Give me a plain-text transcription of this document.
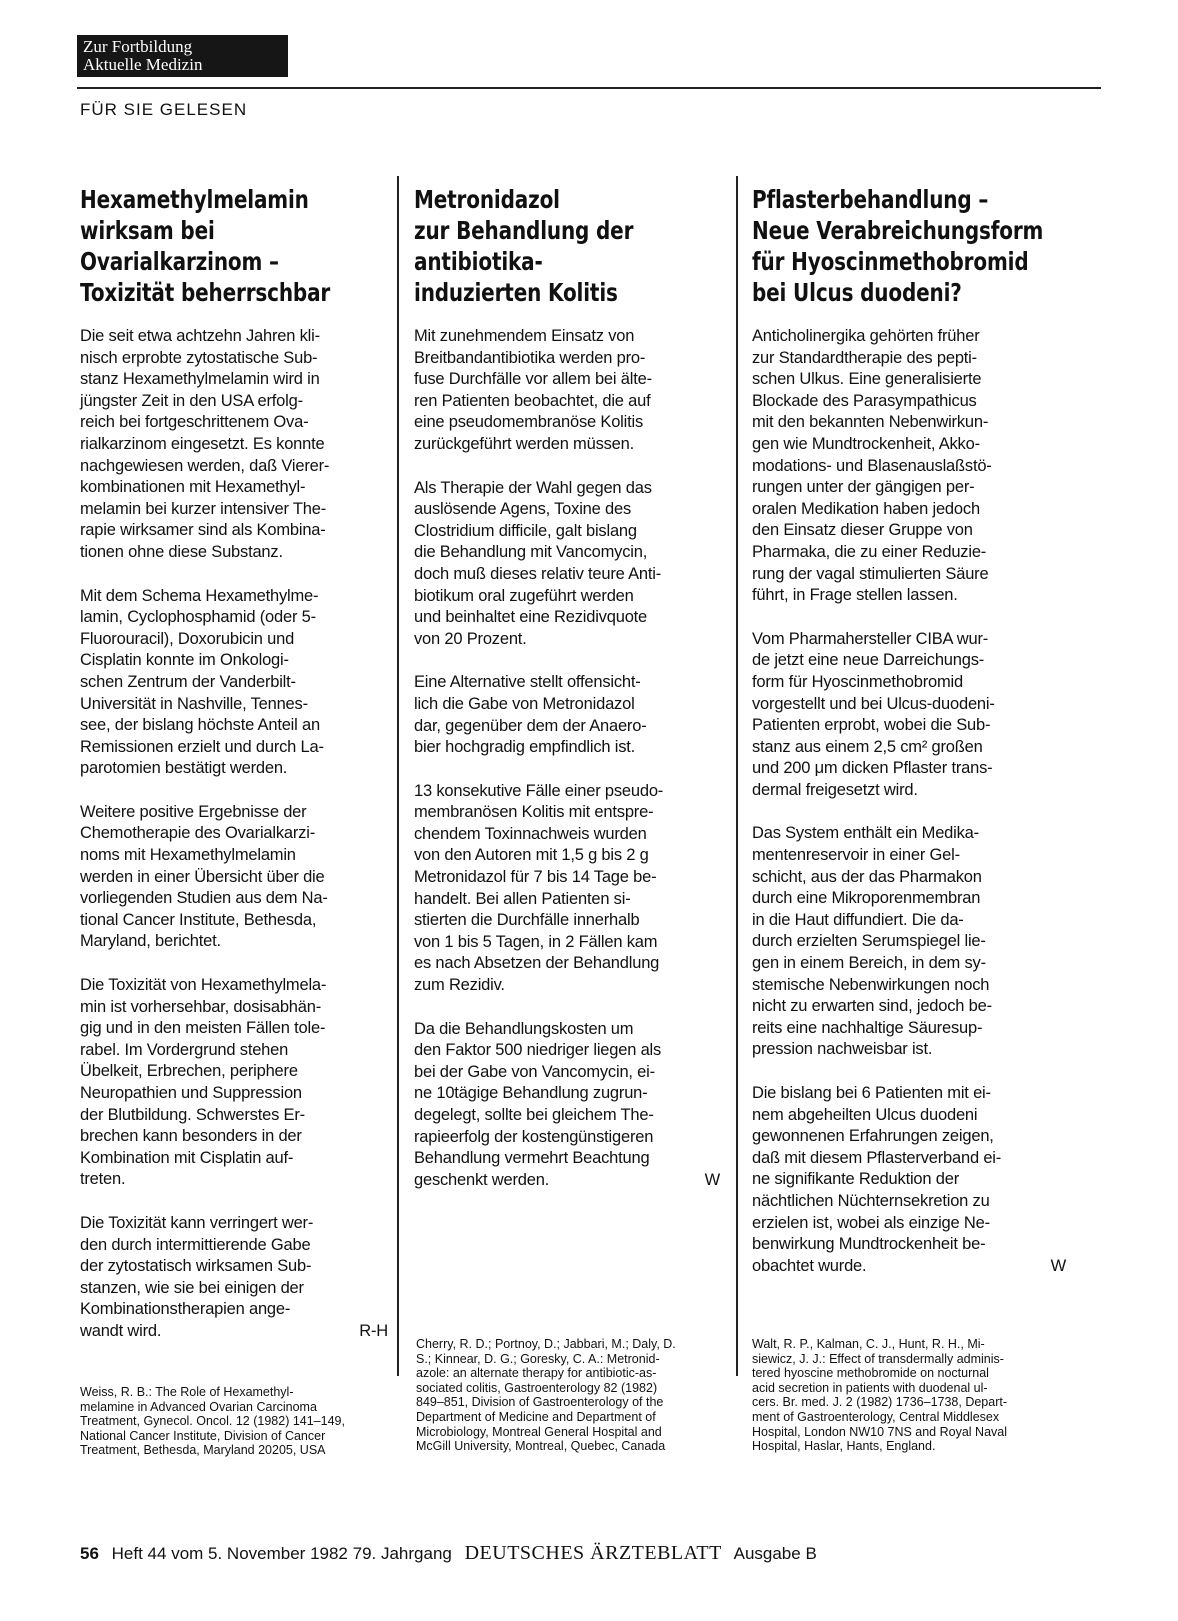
Zur Fortbildung
Aktuelle Medizin
FÜR SIE GELESEN
Hexamethylmelamin
wirksam bei
Ovarialkarzinom –
Toxizität beherrschbar

Die seit etwa achtzehn Jahren kli-
nisch erprobte zytostatische Sub-
stanz Hexamethylmelamin wird in
jüngster Zeit in den USA erfolg-
reich bei fortgeschrittenem Ova-
rialkarzinom eingesetzt. Es konnte
nachgewiesen werden, daß Vierer-
kombinationen mit Hexamethyl-
melamin bei kurzer intensiver The-
rapie wirksamer sind als Kombina-
tionen ohne diese Substanz.

Mit dem Schema Hexamethylme-
lamin, Cyclophosphamid (oder 5-
Fluorouracil), Doxorubicin und
Cisplatin konnte im Onkologi-
schen Zentrum der Vanderbilt-
Universität in Nashville, Tennes-
see, der bislang höchste Anteil an
Remissionen erzielt und durch La-
parotomien bestätigt werden.

Weitere positive Ergebnisse der
Chemotherapie des Ovarialkarzi-
noms mit Hexamethylmelamin
werden in einer Übersicht über die
vorliegenden Studien aus dem Na-
tional Cancer Institute, Bethesda,
Maryland, berichtet.

Die Toxizität von Hexamethylmela-
min ist vorhersehbar, dosisabhän-
gig und in den meisten Fällen tole-
rabel. Im Vordergrund stehen
Übelkeit, Erbrechen, periphere
Neuropathien und Suppression
der Blutbildung. Schwerstes Er-
brechen kann besonders in der
Kombination mit Cisplatin auf-
treten.

Die Toxizität kann verringert wer-
den durch intermittierende Gabe
der zytostatisch wirksamen Sub-
stanzen, wie sie bei einigen der
Kombinationstherapien ange-
wandt wird.	R-H
Weiss, R. B.: The Role of Hexamethyl-
melamine in Advanced Ovarian Carcinoma
Treatment, Gynecol. Oncol. 12 (1982) 141–149,
National Cancer Institute, Division of Cancer
Treatment, Bethesda, Maryland 20205, USA
Metronidazol
zur Behandlung der
antibiotika-
induzierten Kolitis

Mit zunehmendem Einsatz von
Breitbandantibiotika werden pro-
fuse Durchfälle vor allem bei älte-
ren Patienten beobachtet, die auf
eine pseudomembranöse Kolitis
zurückgeführt werden müssen.

Als Therapie der Wahl gegen das
auslösende Agens, Toxine des
Clostridium difficile, galt bislang
die Behandlung mit Vancomycin,
doch muß dieses relativ teure Anti-
biotikum oral zugeführt werden
und beinhaltet eine Rezidivquote
von 20 Prozent.

Eine Alternative stellt offensicht-
lich die Gabe von Metronidazol
dar, gegenüber dem der Anaero-
bier hochgradig empfindlich ist.

13 konsekutive Fälle einer pseudo-
membranösen Kolitis mit entspre-
chendem Toxinnachweis wurden
von den Autoren mit 1,5 g bis 2 g
Metronidazol für 7 bis 14 Tage be-
handelt. Bei allen Patienten si-
stierten die Durchfälle innerhalb
von 1 bis 5 Tagen, in 2 Fällen kam
es nach Absetzen der Behandlung
zum Rezidiv.

Da die Behandlungskosten um
den Faktor 500 niedriger liegen als
bei der Gabe von Vancomycin, ei-
ne 10tägige Behandlung zugrun-
degelegt, sollte bei gleichem The-
rapieerfolg der kostengünstigeren
Behandlung vermehrt Beachtung
geschenkt werden.	W
Cherry, R. D.; Portnoy, D.; Jabbari, M.; Daly, D.
S.; Kinnear, D. G.; Goresky, C. A.: Metronid-
azole: an alternate therapy for antibiotic-as-
sociated colitis, Gastroenterology 82 (1982)
849–851, Division of Gastroenterology of the
Department of Medicine and Department of
Microbiology, Montreal General Hospital and
McGill University, Montreal, Quebec, Canada
Pflasterbehandlung –
Neue Verabreichungsform
für Hyoscinmethobromid
bei Ulcus duodeni?

Anticholinergika gehörten früher
zur Standardtherapie des pepti-
schen Ulkus. Eine generalisierte
Blockade des Parasympathicus
mit den bekannten Nebenwirkun-
gen wie Mundtrockenheit, Akko-
modations- und Blasenauslaßstö-
rungen unter der gängigen per-
oralen Medikation haben jedoch
den Einsatz dieser Gruppe von
Pharmaka, die zu einer Reduzie-
rung der vagal stimulierten Säure
führt, in Frage stellen lassen.

Vom Pharmahersteller CIBA wur-
de jetzt eine neue Darreichungs-
form für Hyoscinmethobromid
vorgestellt und bei Ulcus-duodeni-
Patienten erprobt, wobei die Sub-
stanz aus einem 2,5 cm² großen
und 200 μm dicken Pflaster trans-
dermal freigesetzt wird.

Das System enthält ein Medika-
mentenreservoir in einer Gel-
schicht, aus der das Pharmakon
durch eine Mikroporenmembran
in die Haut diffundiert. Die da-
durch erzielten Serumspiegel lie-
gen in einem Bereich, in dem sy-
stemische Nebenwirkungen noch
nicht zu erwarten sind, jedoch be-
reits eine nachhaltige Säuresup-
pression nachweisbar ist.

Die bislang bei 6 Patienten mit ei-
nem abgeheilten Ulcus duodeni
gewonnenen Erfahrungen zeigen,
daß mit diesem Pflasterverband ei-
ne signifikante Reduktion der
nächtlichen Nüchternsekretion zu
erzielen ist, wobei als einzige Ne-
benwirkung Mundtrockenheit be-
obachtet wurde.	W
Walt, R. P., Kalman, C. J., Hunt, R. H., Mi-
siewicz, J. J.: Effect of transdermally adminis-
tered hyoscine methobromide on nocturnal
acid secretion in patients with duodenal ul-
cers. Br. med. J. 2 (1982) 1736–1738, Depart-
ment of Gastroenterology, Central Middlesex
Hospital, London NW10 7NS and Royal Naval
Hospital, Haslar, Hants, England.
56 Heft 44 vom 5. November 1982 79. Jahrgang DEUTSCHES ÄRZTEBLATT Ausgabe B
